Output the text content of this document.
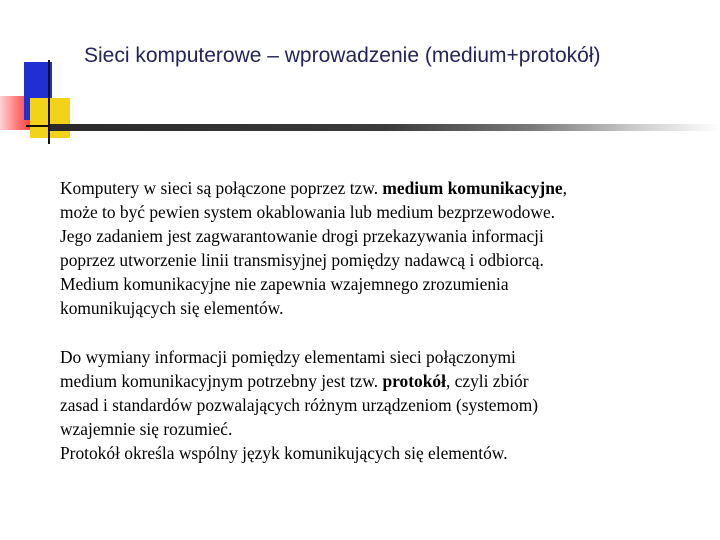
Sieci komputerowe – wprowadzenie (medium+protokół)

Komputery w sieci są połączone poprzez tzw. medium komunikacyjne,
może to być pewien system okablowania lub medium bezprzewodowe.
Jego zadaniem jest zagwarantowanie drogi przekazywania informacji
poprzez utworzenie linii transmisyjnej pomiędzy nadawcą i odbiorcą.
Medium komunikacyjne nie zapewnia wzajemnego zrozumienia
komunikujących się elementów.

Do wymiany informacji pomiędzy elementami sieci połączonymi
medium komunikacyjnym potrzebny jest tzw. protokół, czyli zbiór
zasad i standardów pozwalających różnym urządzeniom (systemom)
wzajemnie się rozumieć.
Protokół określa wspólny język komunikujących się elementów.
